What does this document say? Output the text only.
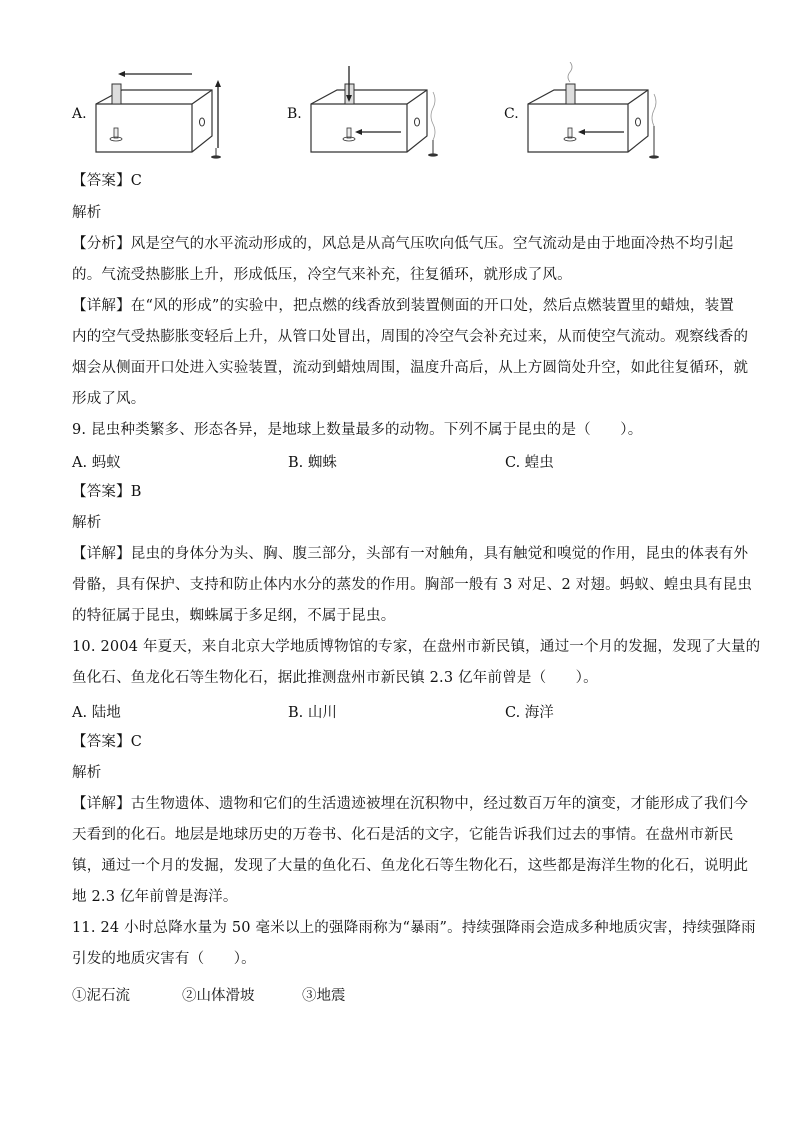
A.	B.	C.
【答案】C
解析
【分析】风是空气的水平流动形成的，风总是从高气压吹向低气压。空气流动是由于地面冷热不均引起
的。气流受热膨胀上升，形成低压，冷空气来补充，往复循环，就形成了风。
【详解】在“风的形成”的实验中，把点燃的线香放到装置侧面的开口处，然后点燃装置里的蜡烛，装置
内的空气受热膨胀变轻后上升，从管口处冒出，周围的冷空气会补充过来，从而使空气流动。观察线香的
烟会从侧面开口处进入实验装置，流动到蜡烛周围，温度升高后，从上方圆筒处升空，如此往复循环，就
形成了风。
9. 昆虫种类繁多、形态各异，是地球上数量最多的动物。下列不属于昆虫的是（　　）。
A. 蚂蚁	B. 蜘蛛	C. 蝗虫
【答案】B
解析
【详解】昆虫的身体分为头、胸、腹三部分，头部有一对触角，具有触觉和嗅觉的作用，昆虫的体表有外
骨骼，具有保护、支持和防止体内水分的蒸发的作用。胸部一般有 3 对足、2 对翅。蚂蚁、蝗虫具有昆虫
的特征属于昆虫，蜘蛛属于多足纲，不属于昆虫。
10. 2004 年夏天，来自北京大学地质博物馆的专家，在盘州市新民镇，通过一个月的发掘，发现了大量的
鱼化石、鱼龙化石等生物化石，据此推测盘州市新民镇 2.3 亿年前曾是（　　）。
A. 陆地	B. 山川	C. 海洋
【答案】C
解析
【详解】古生物遗体、遗物和它们的生活遗迹被埋在沉积物中，经过数百万年的演变，才能形成了我们今
天看到的化石。地层是地球历史的万卷书、化石是活的文字，它能告诉我们过去的事情。在盘州市新民
镇，通过一个月的发掘，发现了大量的鱼化石、鱼龙化石等生物化石，这些都是海洋生物的化石，说明此
地 2.3 亿年前曾是海洋。
11. 24 小时总降水量为 50 毫米以上的强降雨称为“暴雨”。持续强降雨会造成多种地质灾害，持续强降雨
引发的地质灾害有（　　）。
①泥石流	②山体滑坡	③地震
